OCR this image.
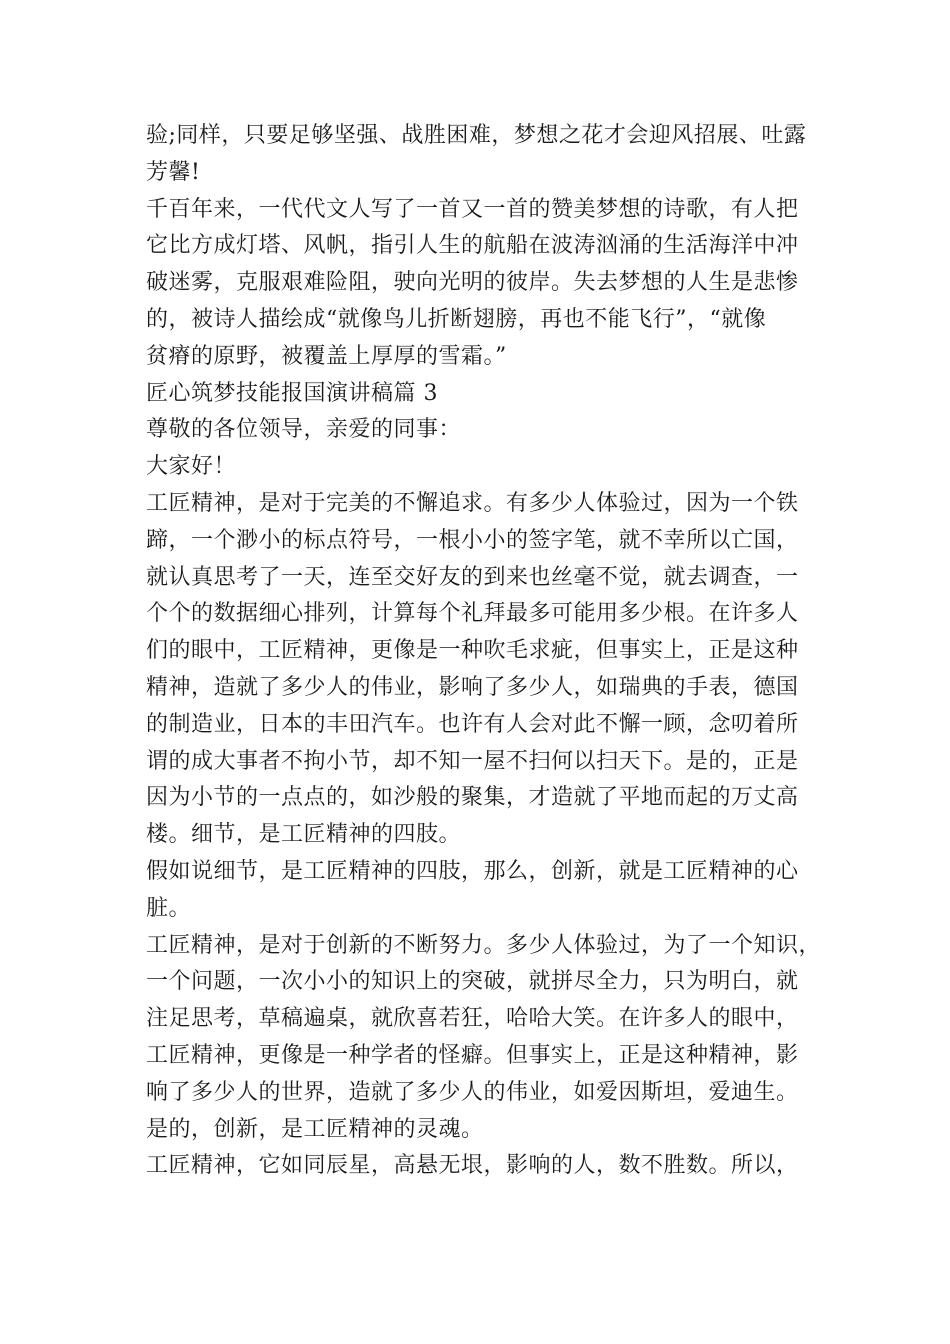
验;同样，只要足够坚强、战胜困难，梦想之花才会迎风招展、吐露
芳馨!
千百年来，一代代文人写了一首又一首的赞美梦想的诗歌，有人把
它比方成灯塔、风帆，指引人生的航船在波涛汹涌的生活海洋中冲
破迷雾，克服艰难险阻，驶向光明的彼岸。失去梦想的人生是悲惨
的，被诗人描绘成“就像鸟儿折断翅膀，再也不能飞行”，“就像
贫瘠的原野，被覆盖上厚厚的雪霜。”
匠心筑梦技能报国演讲稿篇 3
尊敬的各位领导，亲爱的同事：
大家好！
工匠精神，是对于完美的不懈追求。有多少人体验过，因为一个铁
蹄，一个渺小的标点符号，一根小小的签字笔，就不幸所以亡国，
就认真思考了一天，连至交好友的到来也丝毫不觉，就去调查，一
个个的数据细心排列，计算每个礼拜最多可能用多少根。在许多人
们的眼中，工匠精神，更像是一种吹毛求疵，但事实上，正是这种
精神，造就了多少人的伟业，影响了多少人，如瑞典的手表，德国
的制造业，日本的丰田汽车。也许有人会对此不懈一顾，念叨着所
谓的成大事者不拘小节，却不知一屋不扫何以扫天下。是的，正是
因为小节的一点点的，如沙般的聚集，才造就了平地而起的万丈高
楼。细节，是工匠精神的四肢。
假如说细节，是工匠精神的四肢，那么，创新，就是工匠精神的心
脏。
工匠精神，是对于创新的不断努力。多少人体验过，为了一个知识，
一个问题，一次小小的知识上的突破，就拼尽全力，只为明白，就
注足思考，草稿遍桌，就欣喜若狂，哈哈大笑。在许多人的眼中，
工匠精神，更像是一种学者的怪癖。但事实上，正是这种精神，影
响了多少人的世界，造就了多少人的伟业，如爱因斯坦，爱迪生。
是的，创新，是工匠精神的灵魂。
工匠精神，它如同辰星，高悬无垠，影响的人，数不胜数。所以，
